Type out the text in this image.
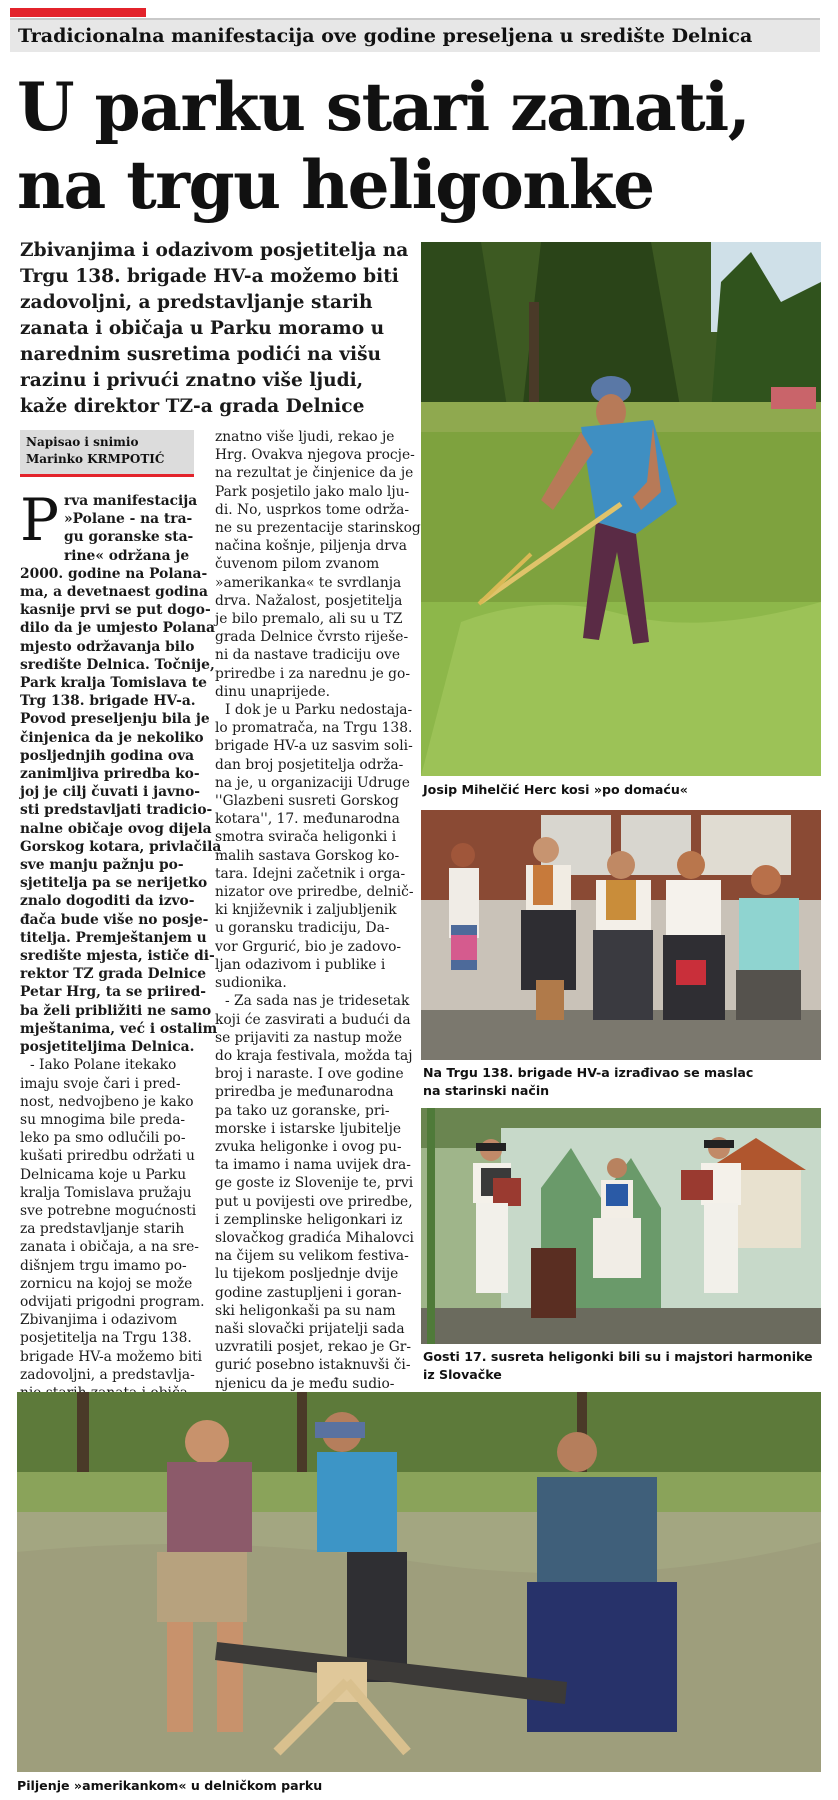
Tradicionalna manifestacija ove godine preseljena u središte Delnica
U parku stari zanati,
na trgu heligonke
Zbivanjima i odazivom posjetitelja na
Trgu 138. brigade HV-a možemo biti
zadovoljni, a predstavljanje starih
zanata i običaja u Parku moramo u
narednim susretima podići na višu
razinu i privući znatno više ljudi,
kaže direktor TZ-a grada Delnice
Napisao i snimio
Marinko KRMPOTIĆ
P rva manifestacija
»Polane - na tra-
gu goranske sta-
rine« održana je
2000. godine na Polana-
ma, a devetnaest godina
kasnije prvi se put dogo-
dilo da je umjesto Polana
mjesto održavanja bilo
središte Delnica. Točnije,
Park kralja Tomislava te
Trg 138. brigade HV-a.
Povod preseljenju bila je
činjenica da je nekoliko
posljednjih godina ova
zanimljiva priredba ko-
joj je cilj čuvati i javno-
sti predstavljati tradicio-
nalne običaje ovog dijela
Gorskog kotara, privlačila
sve manju pažnju po-
sjetitelja pa se nerijetko
znalo dogoditi da izvo-
đača bude više no posje-
titelja. Premještanjem u
središte mjesta, ističe di-
rektor TZ grada Delnice
Petar Hrg, ta se priired-
ba želi približiti ne samo
mještanima, već i ostalim
posjetiteljima Delnica.
- Iako Polane itekako
imaju svoje čari i pred-
nost, nedvojbeno je kako
su mnogima bile preda-
leko pa smo odlučili po-
kušati priredbu održati u
Delnicama koje u Parku
kralja Tomislava pružaju
sve potrebne mogućnosti
za predstavljanje starih
zanata i običaja, a na sre-
dišnjem trgu imamo po-
zornicu na kojoj se može
odvijati prigodni program.
Zbivanjima i odazivom
posjetitelja na Trgu 138.
brigade HV-a možemo biti
zadovoljni, a predstavlja-
znatno više ljudi, rekao je
Hrg. Ovakva njegova procje-
na rezultat je činjenice da je
Park posjetilo jako malo lju-
di. No, usprkos tome održa-
ne su prezentacije starinskog
načina košnje, piljenja drva
čuvenom pilom zvanom
»amerikanka« te svrdlanja
drva. Nažalost, posjetitelja
je bilo premalo, ali su u TZ
grada Delnice čvrsto riješe-
ni da nastave tradiciju ove
priredbe i za narednu je go-
dinu unaprijede.
I dok je u Parku nedostaja-
lo promatrača, na Trgu 138.
brigade HV-a uz sasvim soli-
dan broj posjetitelja održa-
na je, u organizaciji Udruge
''Glazbeni susreti Gorskog
kotara'', 17. međunarodna
smotra svirača heligonki i
malih sastava Gorskog ko-
tara. Idejni začetnik i orga-
nizator ove priredbe, delnič-
ki književnik i zaljubljenik
u goransku tradiciju, Da-
vor Grgurić, bio je zadovo-
ljan odazivom i publike i
sudionika.
- Za sada nas je tridesetak
koji će zasvirati a budući da
se prijaviti za nastup može
do kraja festivala, možda taj
broj i naraste. I ove godine
priredba je međunarodna
pa tako uz goranske, pri-
morske i istarske ljubitelje
zvuka heligonke i ovog pu-
ta imamo i nama uvijek dra-
ge goste iz Slovenije te, prvi
put u povijesti ove priredbe,
i zemplinske heligonkari iz
slovačkog gradića Mihalovci
na čijem su velikom festiva-
lu tijekom posljednje dvije
godine zastupljeni i goran-
ski heligonkaši pa su nam
naši slovački prijatelji sada
uzvratili posjet, rekao je Gr-
gurić posebno istaknuvši či-
njenicu da je među sudio-
Josip Mihelčić Herc kosi »po domaću«
Na Trgu 138. brigade HV-a izrađivao se maslac
na starinski način
Gosti 17. susreta heligonki bili su i majstori harmonike
iz Slovačke
Piljenje »amerikankom« u delničkom parku
